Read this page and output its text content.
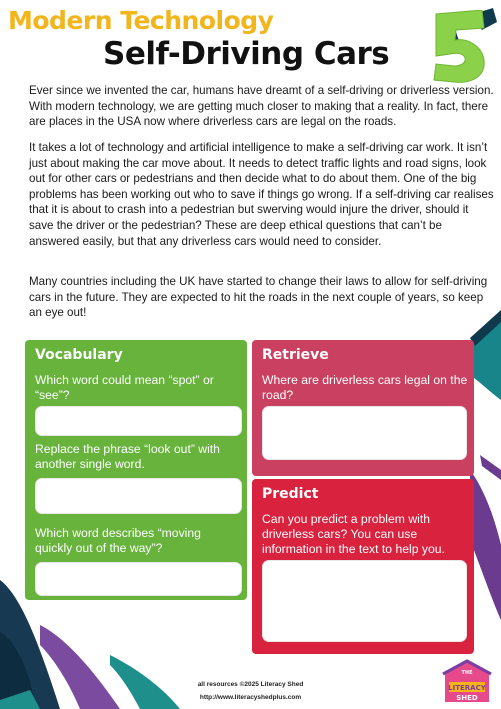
Modern Technology
Self-Driving Cars

Ever since we invented the car, humans have dreamt of a self-driving or driverless version. With modern technology, we are getting much closer to making that a reality. In fact, there are places in the USA now where driverless cars are legal on the roads.

It takes a lot of technology and artificial intelligence to make a self-driving car work. It isn’t just about making the car move about. It needs to detect traffic lights and road signs, look out for other cars or pedestrians and then decide what to do about them. One of the big problems has been working out who to save if things go wrong. If a self-driving car realises that it is about to crash into a pedestrian but swerving would injure the driver, should it save the driver or the pedestrian? These are deep ethical questions that can’t be answered easily, but that any driverless cars would need to consider.

Many countries including the UK have started to change their laws to allow for self-driving cars in the future. They are expected to hit the roads in the next couple of years, so keep an eye out!

Vocabulary

Which word could mean “spot” or “see”?

Replace the phrase “look out” with another single word.

Which word describes “moving quickly out of the way”?

Retrieve

Where are driverless cars legal on the road?

Predict

Can you predict a problem with driverless cars? You can use information in the text to help you.

all resources ©2025 Literacy Shed
http://www.literacyshedplus.com
THE
LITERACY
SHED
